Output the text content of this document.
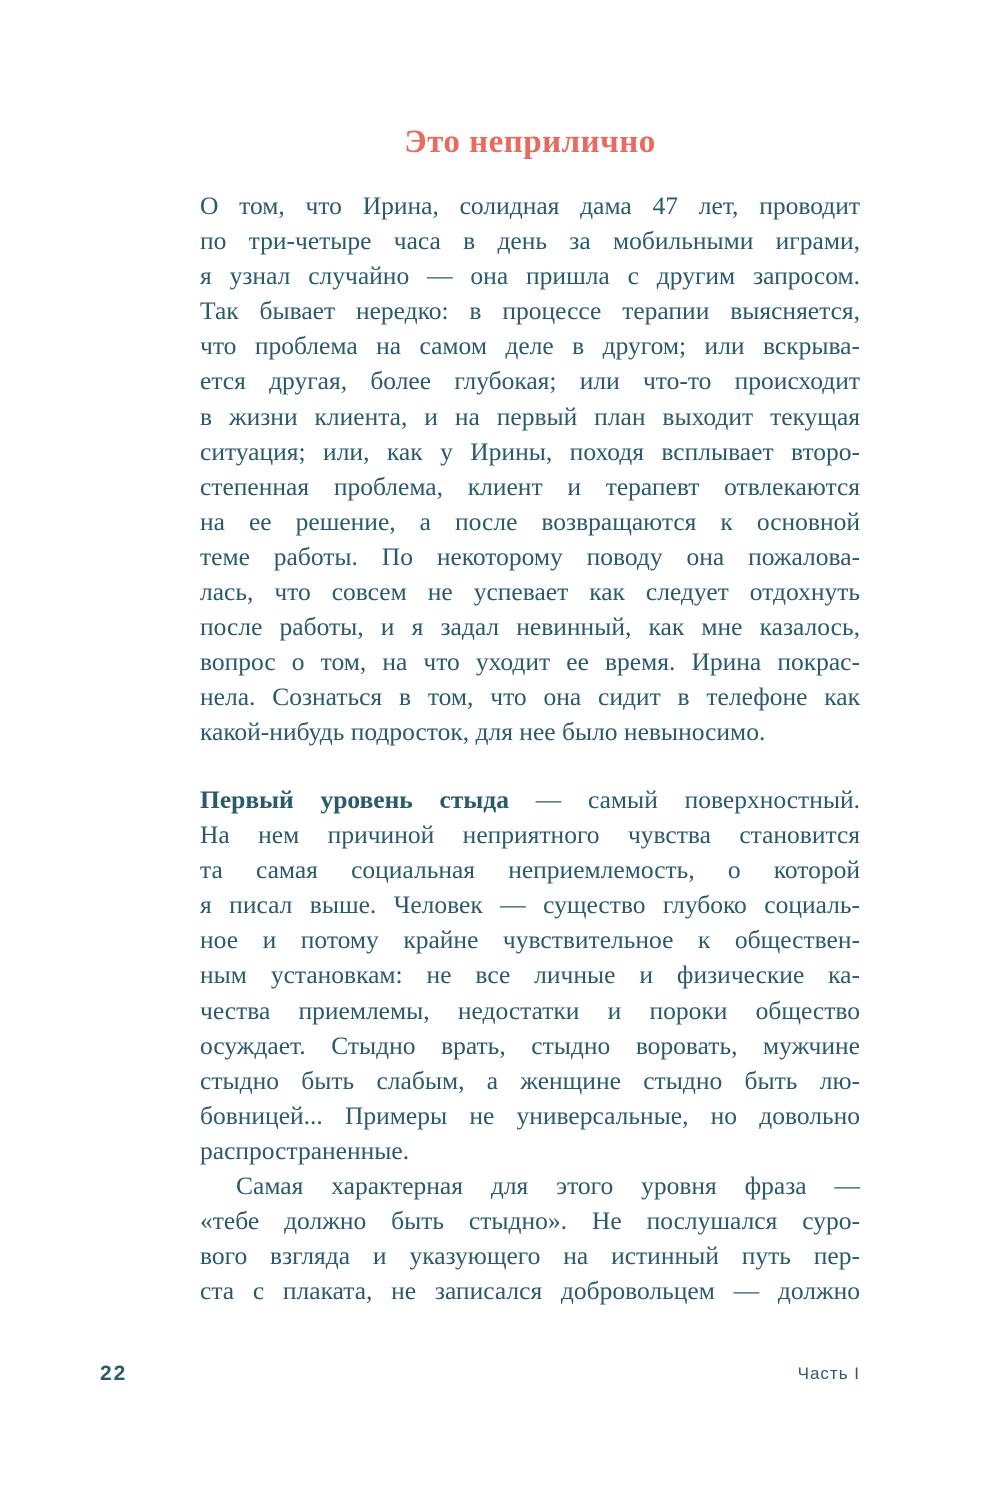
Это неприлично
О том, что Ирина, солидная дама 47 лет, проводит
по три-четыре часа в день за мобильными играми,
я узнал случайно — она пришла с другим запросом.
Так бывает нередко: в процессе терапии выясняется,
что проблема на самом деле в другом; или вскрыва-
ется другая, более глубокая; или что-то происходит
в жизни клиента, и на первый план выходит текущая
ситуация; или, как у Ирины, походя всплывает второ-
степенная проблема, клиент и терапевт отвлекаются
на ее решение, а после возвращаются к основной
теме работы. По некоторому поводу она пожалова-
лась, что совсем не успевает как следует отдохнуть
после работы, и я задал невинный, как мне казалось,
вопрос о том, на что уходит ее время. Ирина покрас-
нела. Сознаться в том, что она сидит в телефоне как
какой-нибудь подросток, для нее было невыносимо.
Первый уровень стыда — самый поверхностный.
На нем причиной неприятного чувства становится
та самая социальная неприемлемость, о которой
я писал выше. Человек — существо глубоко социаль-
ное и потому крайне чувствительное к обществен-
ным установкам: не все личные и физические ка-
чества приемлемы, недостатки и пороки общество
осуждает. Стыдно врать, стыдно воровать, мужчине
стыдно быть слабым, а женщине стыдно быть лю-
бовницей... Примеры не универсальные, но довольно
распространенные.
Самая характерная для этого уровня фраза —
«тебе должно быть стыдно». Не послушался суро-
вого взгляда и указующего на истинный путь пер-
ста с плаката, не записался добровольцем — должно
22	Часть I
